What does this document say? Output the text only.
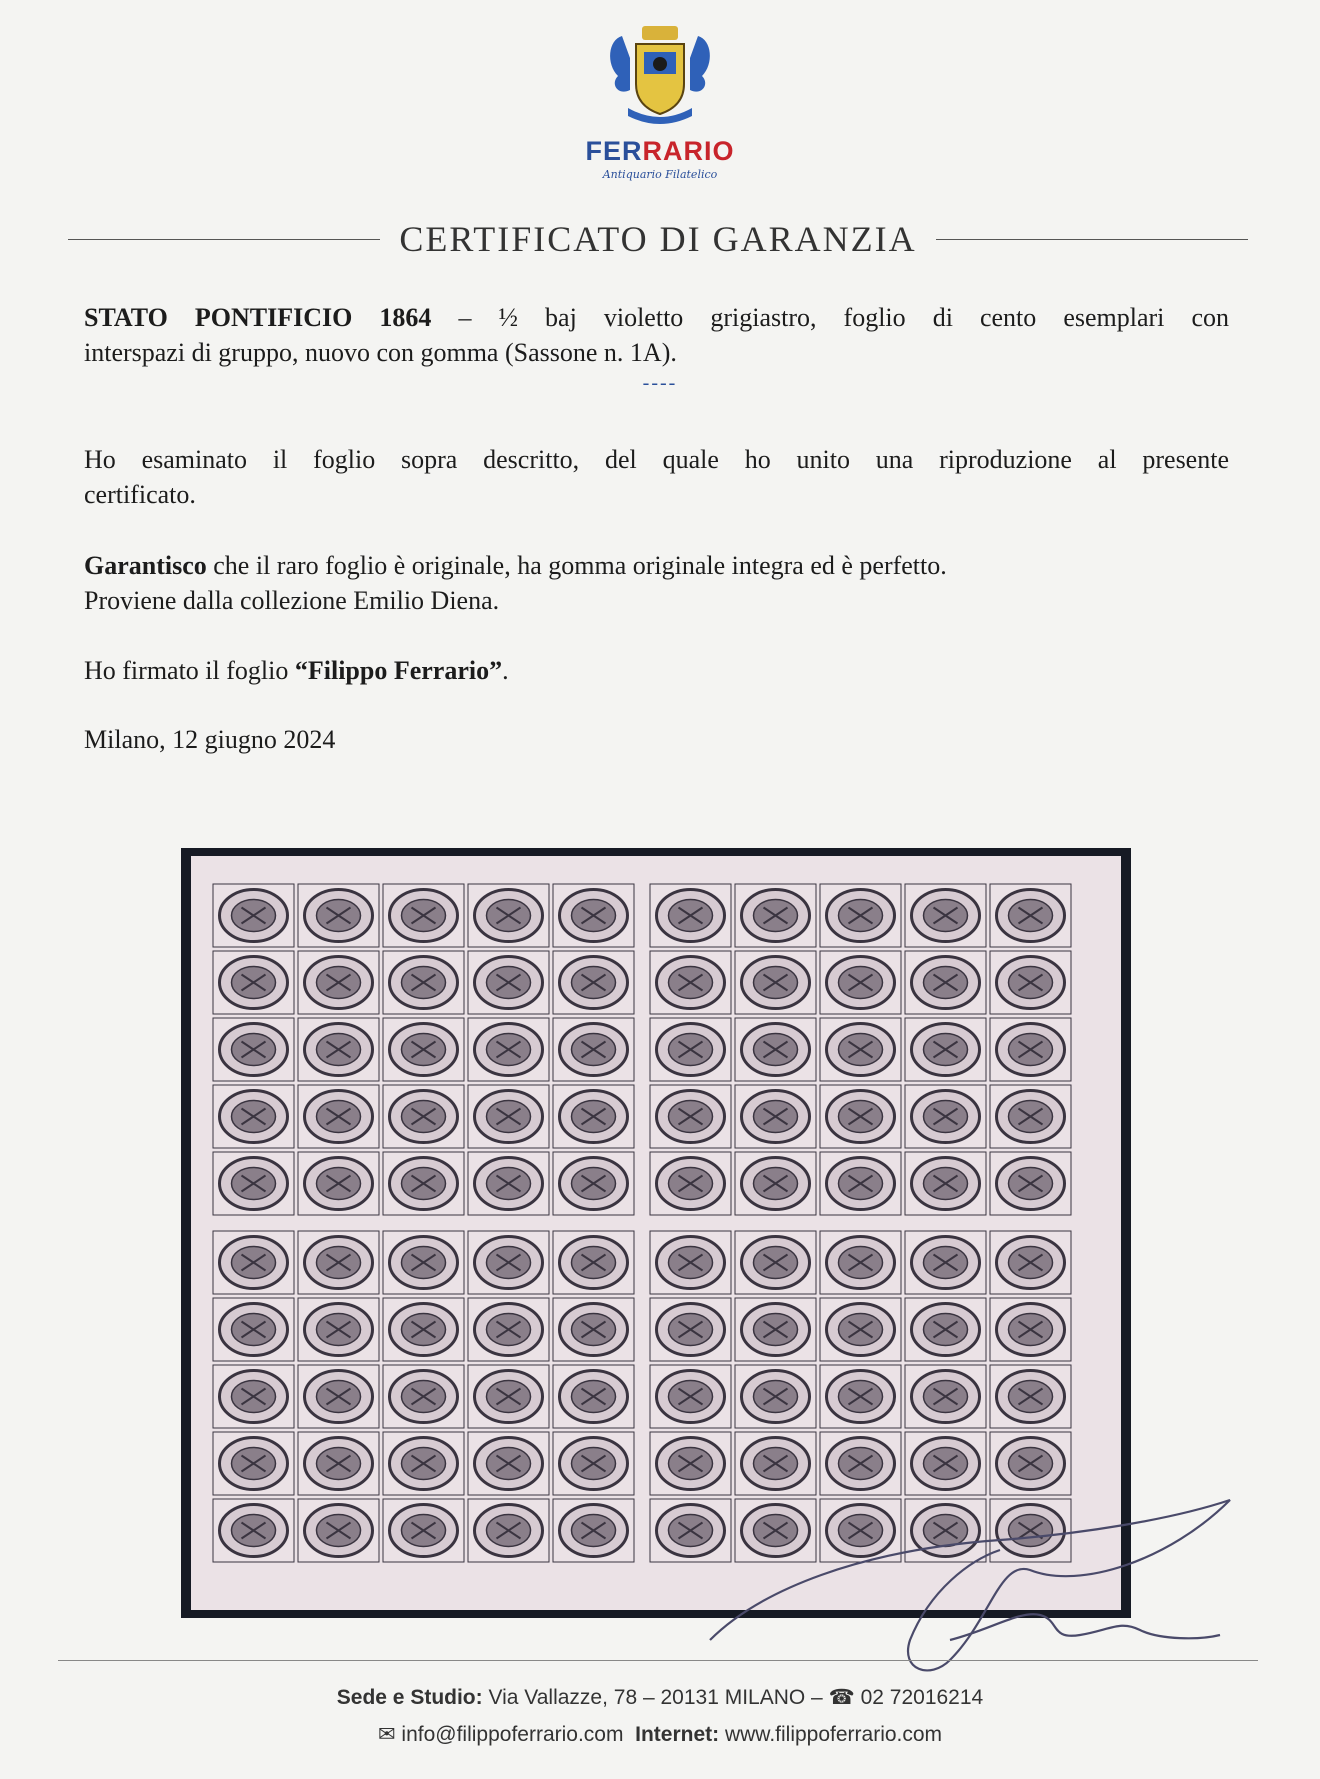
FERRARIO
Antiquario Filatelico
CERTIFICATO DI GARANZIA
STATO PONTIFICIO 1864 – ½ baj violetto grigiastro, foglio di cento esemplari con
interspazi di gruppo, nuovo con gomma (Sassone n. 1A).
----
Ho esaminato il foglio sopra descritto, del quale ho unito una riproduzione al presente
certificato.
Garantisco che il raro foglio è originale, ha gomma originale integra ed è perfetto.
Proviene dalla collezione Emilio Diena.
Ho firmato il foglio “Filippo Ferrario”.
Milano, 12 giugno 2024
Sede e Studio: Via Vallazze, 78 – 20131 MILANO – ☎ 02 72016214
✉ info@filippoferrario.com Internet: www.filippoferrario.com
